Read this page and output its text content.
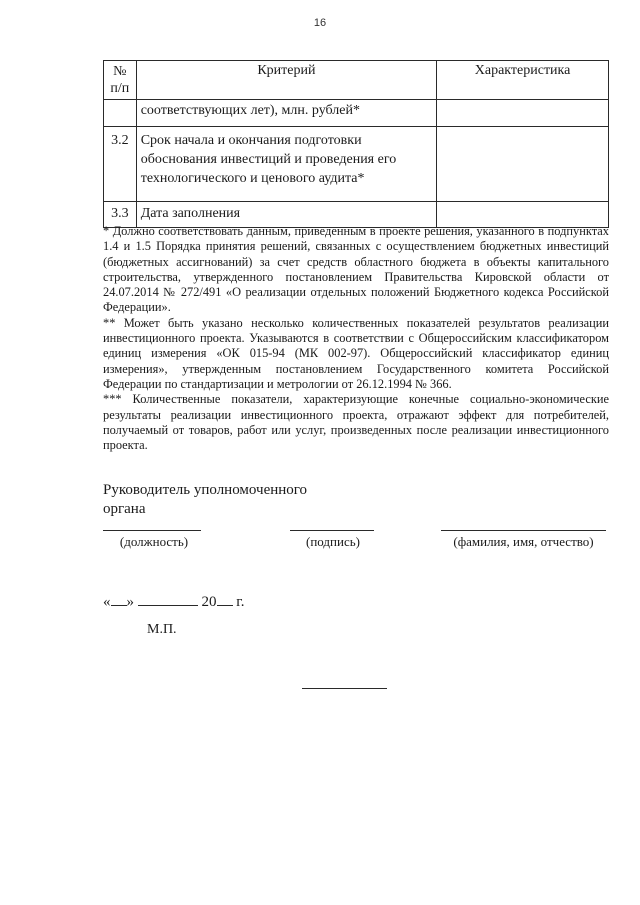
16
№ п/п	Критерий	Характеристика
	соответствующих лет), млн. рублей*	
3.2	Срок начала и окончания подготовки обоснования инвестиций и проведения его технологического и ценового аудита*	
3.3	Дата заполнения	

* Должно соответствовать данным, приведенным в проекте решения, указанного в подпунктах 1.4 и 1.5 Порядка принятия решений, связанных с осуществлением бюджетных инвестиций (бюджетных ассигнований) за счет средств областного бюджета в объекты капитального строительства, утвержденного постановлением Правительства Кировской области от 24.07.2014 № 272/491 «О реализации отдельных положений Бюджетного кодекса Российской Федерации».

** Может быть указано несколько количественных показателей результатов реализации инвестиционного проекта. Указываются в соответствии с Общероссийским классификатором единиц измерения «ОК 015-94 (МК 002-97). Общероссийский классификатор единиц измерения», утвержденным постановлением Государственного комитета Российской Федерации по стандартизации и метрологии от 26.12.1994 № 366.

*** Количественные показатели, характеризующие конечные социально-экономические результаты реализации инвестиционного проекта, отражают эффект для потребителей, получаемый от товаров, работ или услуг, произведенных после реализации инвестиционного проекта.

Руководитель уполномоченного органа
(должность)	(подпись)	(фамилия, имя, отчество)
« »	20 г.
М.П.
